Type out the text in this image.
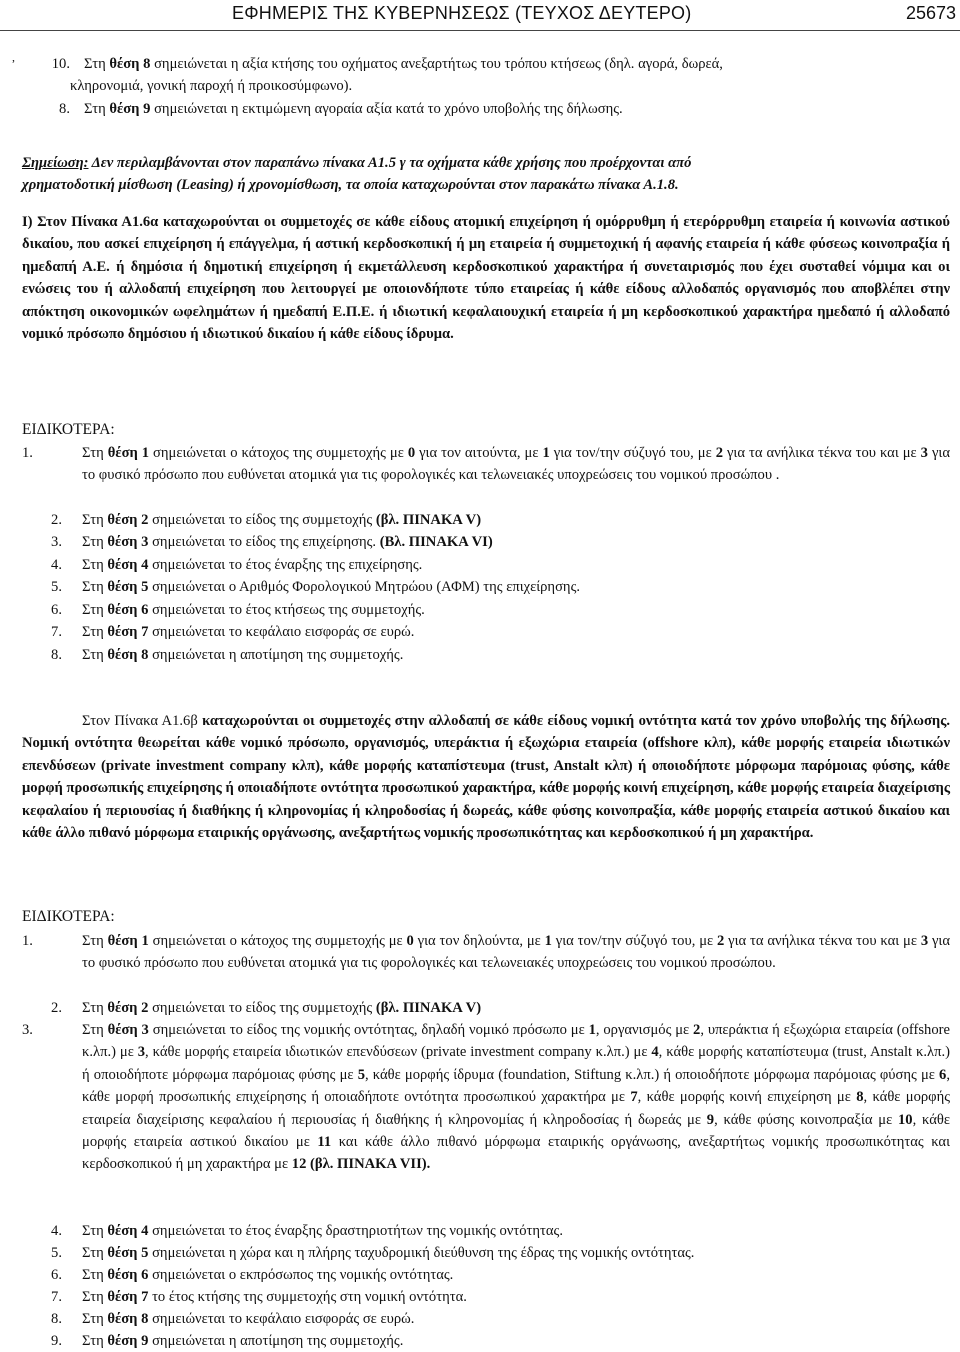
ΕΦΗΜΕΡΙΣ ΤΗΣ ΚΥΒΕΡΝΗΣΕΩΣ (ΤΕΥΧΟΣ ΔΕΥΤΕΡΟ)	25673
,	10. Στη θέση 8 σημειώνεται η αξία κτήσης του οχήματος ανεξαρτήτως του τρόπου κτήσεως (δηλ. αγορά, δωρεά,
κληρονομιά, γονική παροχή ή προικοσύμφωνο).
8. Στη θέση 9 σημειώνεται η εκτιμώμενη αγοραία αξία κατά το χρόνο υποβολής της δήλωσης.

Σημείωση: Δεν περιλαμβάνονται στον παραπάνω πίνακα Α1.5 γ τα οχήματα κάθε χρήσης που προέρχονται από

χρηματοδοτική μίσθωση (Leasing) ή χρονομίσθωση, τα οποία καταχωρούνται στον παρακάτω πίνακα Α.1.8.

Ι) Στον Πίνακα Α1.6α καταχωρούνται οι συμμετοχές σε κάθε είδους ατομική επιχείρηση ή ομόρρυθμη ή ετερόρρυθμη εταιρεία ή κοινωνία αστικού δικαίου, που ασκεί επιχείρηση ή επάγγελμα, ή αστική κερδοσκοπική ή μη εταιρεία ή συμμετοχική ή αφανής εταιρεία ή κάθε φύσεως κοινοπραξία ή ημεδαπή Α.Ε. ή δημόσια ή δημοτική επιχείρηση ή εκμετάλλευση κερδοσκοπικού χαρακτήρα ή συνεταιρισμός που έχει συσταθεί νόμιμα και οι ενώσεις του ή αλλοδαπή επιχείρηση που λειτουργεί με οποιονδήποτε τύπο εταιρείας ή κάθε είδους αλλοδαπός οργανισμός που αποβλέπει στην απόκτηση οικονομικών ωφελημάτων ή ημεδαπή Ε.Π.Ε. ή ιδιωτική κεφαλαιουχική εταιρεία ή μη κερδοσκοπικού χαρακτήρα ημεδαπό ή αλλοδαπό νομικό πρόσωπο δημόσιου ή ιδιωτικού δικαίου ή κάθε είδους ίδρυμα.
ΕΙΔΙΚΟΤΕΡΑ:
1.	Στη θέση 1 σημειώνεται ο κάτοχος της συμμετοχής με 0 για τον αιτούντα, με 1 για τον/την σύζυγό του, με 2 για τα ανήλικα τέκνα του και με 3 για το φυσικό πρόσωπο που ευθύνεται ατομικά για τις φορολογικές και τελωνειακές υποχρεώσεις του νομικού προσώπου .
2. Στη θέση 2 σημειώνεται το είδος της συμμετοχής (βλ. ΠΙΝΑΚΑ V)
3. Στη θέση 3 σημειώνεται το είδος της επιχείρησης. (Βλ. ΠΙΝΑΚΑ VI)
4. Στη θέση 4 σημειώνεται το έτος έναρξης της επιχείρησης.
5. Στη θέση 5 σημειώνεται ο Αριθμός Φορολογικού Μητρώου (ΑΦΜ) της επιχείρησης.
6. Στη θέση 6 σημειώνεται το έτος κτήσεως της συμμετοχής.
7. Στη θέση 7 σημειώνεται το κεφάλαιο εισφοράς σε ευρώ.
8. Στη θέση 8 σημειώνεται η αποτίμηση της συμμετοχής.
Στον Πίνακα Α1.6β καταχωρούνται οι συμμετοχές στην αλλοδαπή σε κάθε είδους νομική οντότητα κατά τον χρόνο υποβολής της δήλωσης. Νομική οντότητα θεωρείται κάθε νομικό πρόσωπο, οργανισμός, υπεράκτια ή εξωχώρια εταιρεία (offshore κλπ), κάθε μορφής εταιρεία ιδιωτικών επενδύσεων (private investment company κλπ), κάθε μορφής καταπίστευμα (trust, Anstalt κλπ) ή οποιοδήποτε μόρφωμα παρόμοιας φύσης, κάθε μορφή προσωπικής επιχείρησης ή οποιαδήποτε οντότητα προσωπικού χαρακτήρα, κάθε μορφής κοινή επιχείρηση, κάθε μορφής εταιρεία διαχείρισης κεφαλαίου ή περιουσίας ή διαθήκης ή κληρονομίας ή κληροδοσίας ή δωρεάς, κάθε φύσης κοινοπραξία, κάθε μορφής εταιρεία αστικού δικαίου και κάθε άλλο πιθανό μόρφωμα εταιρικής οργάνωσης, ανεξαρτήτως νομικής προσωπικότητας και κερδοσκοπικού ή μη χαρακτήρα.
ΕΙΔΙΚΟΤΕΡΑ:
1.	Στη θέση 1 σημειώνεται ο κάτοχος της συμμετοχής με 0 για τον δηλούντα, με 1 για τον/την σύζυγό του, με 2 για τα ανήλικα τέκνα του και με 3 για το φυσικό πρόσωπο που ευθύνεται ατομικά για τις φορολογικές και τελωνειακές υποχρεώσεις του νομικού προσώπου.
2. Στη θέση 2 σημειώνεται το είδος της συμμετοχής (βλ. ΠΙΝΑΚΑ V)
3.	Στη θέση 3 σημειώνεται το είδος της νομικής οντότητας, δηλαδή νομικό πρόσωπο με 1, οργανισμός με 2, υπεράκτια ή εξωχώρια εταιρεία (offshore κ.λπ.) με 3, κάθε μορφής εταιρεία ιδιωτικών επενδύσεων (private investment company κ.λπ.) με 4, κάθε μορφής καταπίστευμα (trust, Anstalt κ.λπ.) ή οποιοδήποτε μόρφωμα παρόμοιας φύσης με 5, κάθε μορφής ίδρυμα (foundation, Stiftung κ.λπ.) ή οποιοδήποτε μόρφωμα παρόμοιας φύσης με 6, κάθε μορφή προσωπικής επιχείρησης ή οποιαδήποτε οντότητα προσωπικού χαρακτήρα με 7, κάθε μορφής κοινή επιχείρηση με 8, κάθε μορφής εταιρεία διαχείρισης κεφαλαίου ή περιουσίας ή διαθήκης ή κληρονομίας ή κληροδοσίας ή δωρεάς με 9, κάθε φύσης κοινοπραξία με 10, κάθε μορφής εταιρεία αστικού δικαίου με 11 και κάθε άλλο πιθανό μόρφωμα εταιρικής οργάνωσης, ανεξαρτήτως νομικής προσωπικότητας και κερδοσκοπικού ή μη χαρακτήρα με 12 (βλ. ΠΙΝΑΚΑ VII).
4. Στη θέση 4 σημειώνεται το έτος έναρξης δραστηριοτήτων της νομικής οντότητας.
5. Στη θέση 5 σημειώνεται η χώρα και η πλήρης ταχυδρομική διεύθυνση της έδρας της νομικής οντότητας.
6. Στη θέση 6 σημειώνεται ο εκπρόσωπος της νομικής οντότητας.
7. Στη θέση 7 το έτος κτήσης της συμμετοχής στη νομική οντότητα.
8. Στη θέση 8 σημειώνεται το κεφάλαιο εισφοράς σε ευρώ.
9. Στη θέση 9 σημειώνεται η αποτίμηση της συμμετοχής.
